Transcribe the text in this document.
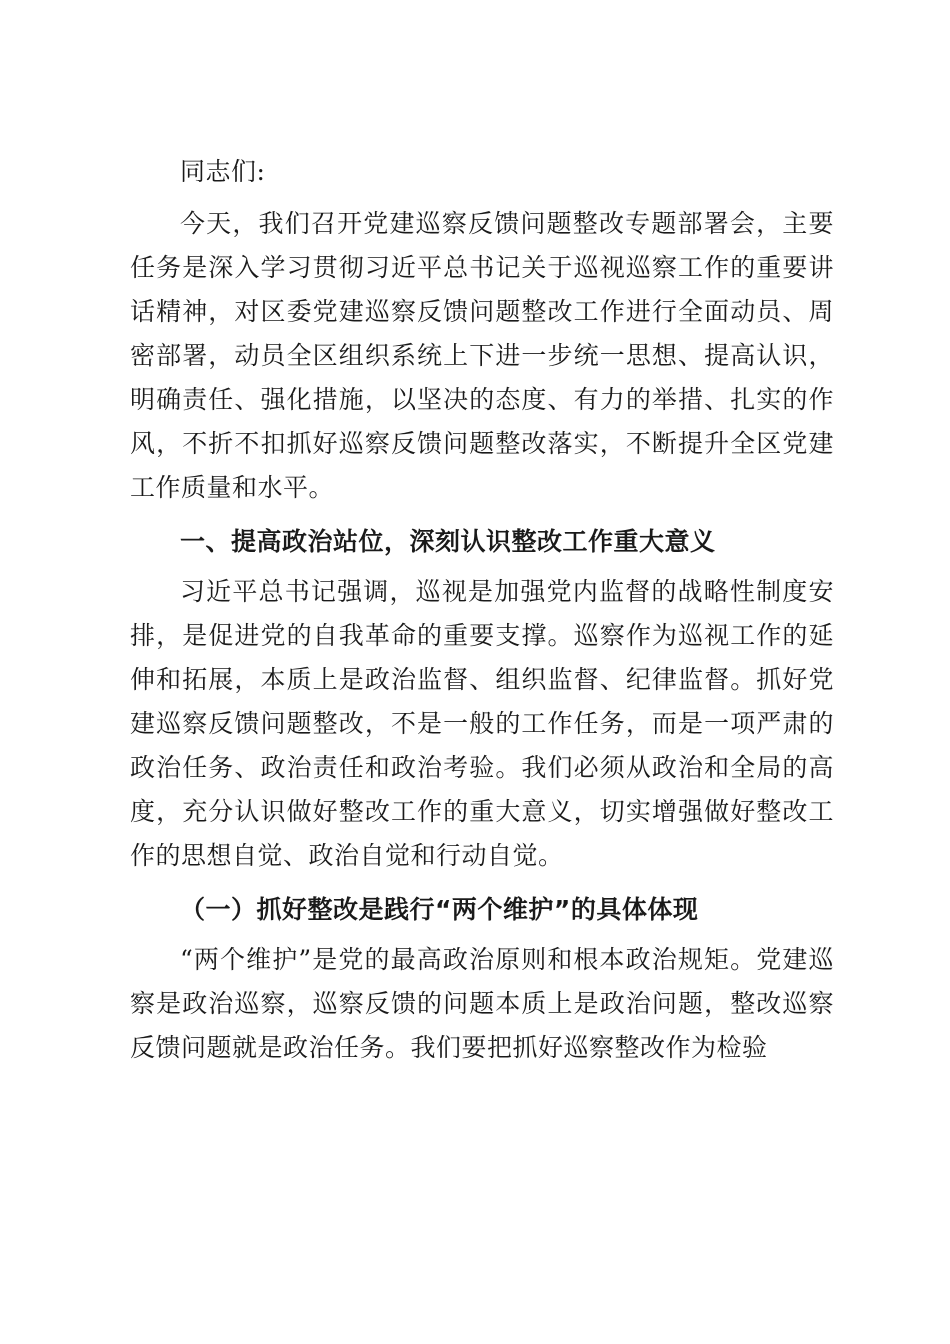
同志们:

今天，我们召开党建巡察反馈问题整改专题部署会，主要任务是深入学习贯彻习近平总书记关于巡视巡察工作的重要讲话精神，对区委党建巡察反馈问题整改工作进行全面动员、周密部署，动员全区组织系统上下进一步统一思想、提高认识，明确责任、强化措施，以坚决的态度、有力的举措、扎实的作风，不折不扣抓好巡察反馈问题整改落实，不断提升全区党建工作质量和水平。

一、提高政治站位，深刻认识整改工作重大意义

习近平总书记强调，巡视是加强党内监督的战略性制度安排，是促进党的自我革命的重要支撑。巡察作为巡视工作的延伸和拓展，本质上是政治监督、组织监督、纪律监督。抓好党建巡察反馈问题整改，不是一般的工作任务，而是一项严肃的政治任务、政治责任和政治考验。我们必须从政治和全局的高度，充分认识做好整改工作的重大意义，切实增强做好整改工作的思想自觉、政治自觉和行动自觉。

（一）抓好整改是践行“两个维护”的具体体现

“两个维护”是党的最高政治原则和根本政治规矩。党建巡察是政治巡察，巡察反馈的问题本质上是政治问题，整改巡察反馈问题就是政治任务。我们要把抓好巡察整改作为检验
